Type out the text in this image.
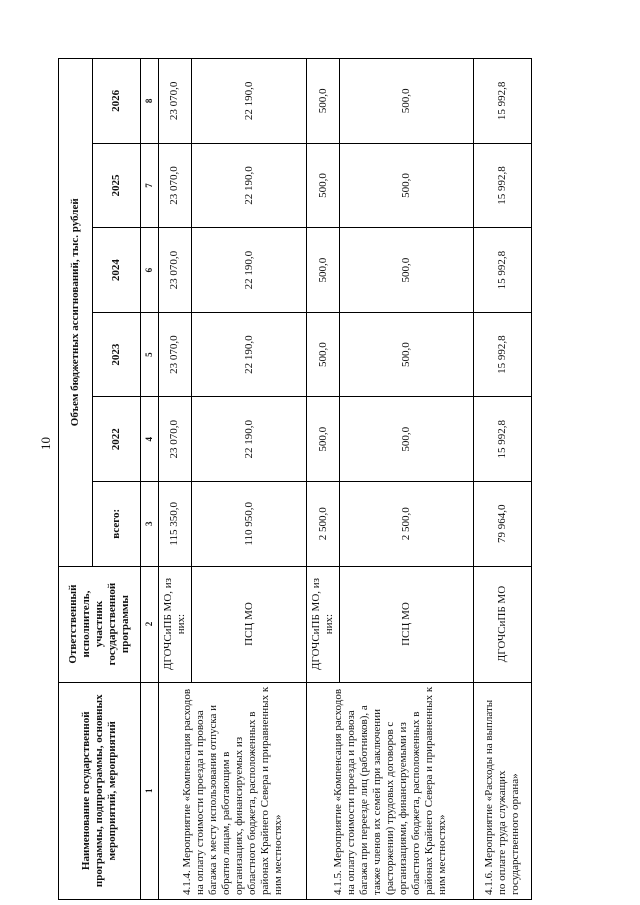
10
Наименование государственной программы, подпрограммы, основных мероприятий, мероприятий	Ответственный исполнитель, участник государственной программы	Объем бюджетных ассигнований, тыс. рублей					
		всего:	2022	2023	2024	2025	2026
1	2	3	4	5	6	7	8
4.1.4. Мероприятие «Компенсация расходов на оплату стоимости проезда и провоза багажа к месту использования отпуска и обратно лицам, работающим в организациях, финансируемых из областного бюджета, расположенных в районах Крайнего Севера и приравненных к ним местностях»	ДГОЧСиПБ МО, из них:	115 350,0	23 070,0	23 070,0	23 070,0	23 070,0	23 070,0
	ПСЦ МО	110 950,0	22 190,0	22 190,0	22 190,0	22 190,0	22 190,0
4.1.5. Мероприятие «Компенсация расходов на оплату стоимости проезда и провоза багажа при переезде лиц (работников), а также членов их семей при заключении (расторжении) трудовых договоров с организациями, финансируемыми из областного бюджета, расположенных в районах Крайнего Севера и приравненных к ним местностях»	ДГОЧСиПБ МО, из них:	2 500,0	500,0	500,0	500,0	500,0	500,0
	ПСЦ МО	2 500,0	500,0	500,0	500,0	500,0	500,0
4.1.6. Мероприятие «Расходы на выплаты по оплате труда служащих государственного органа»	ДГОЧСиПБ МО	79 964,0	15 992,8	15 992,8	15 992,8	15 992,8	15 992,8
